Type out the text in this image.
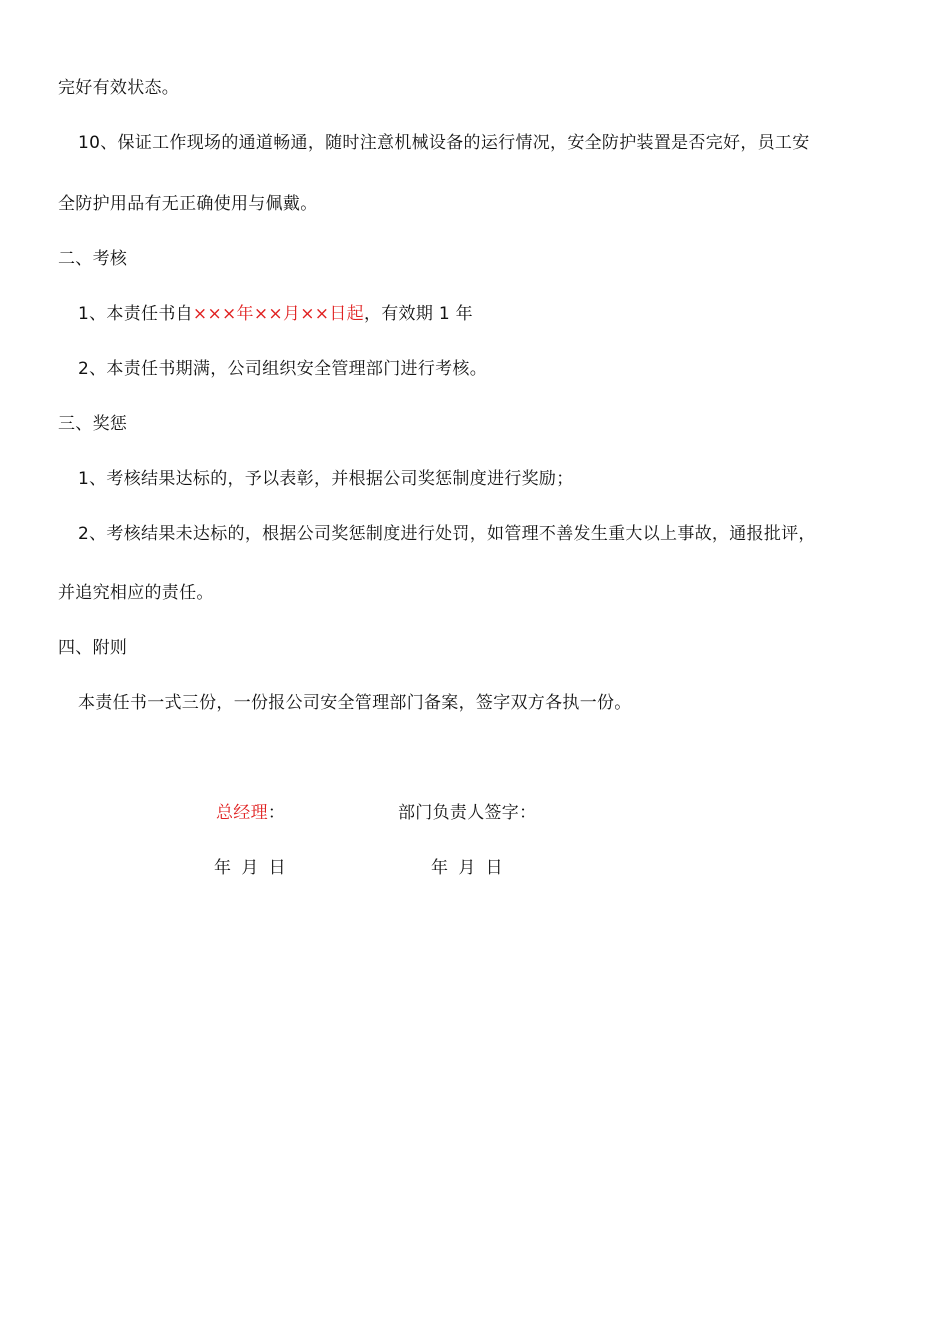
完好有效状态。
10、保证工作现场的通道畅通，随时注意机械设备的运行情况，安全防护装置是否完好，员工安
全防护用品有无正确使用与佩戴。
二、考核
1、本责任书自×××年××月××日起，有效期 1 年
2、本责任书期满，公司组织安全管理部门进行考核。
三、奖惩
1、考核结果达标的，予以表彰，并根据公司奖惩制度进行奖励；
2、考核结果未达标的，根据公司奖惩制度进行处罚，如管理不善发生重大以上事故，通报批评，
并追究相应的责任。
四、附则
本责任书一式三份，一份报公司安全管理部门备案，签字双方各执一份。
总经理：	部门负责人签字：
年 月 日	年 月 日
